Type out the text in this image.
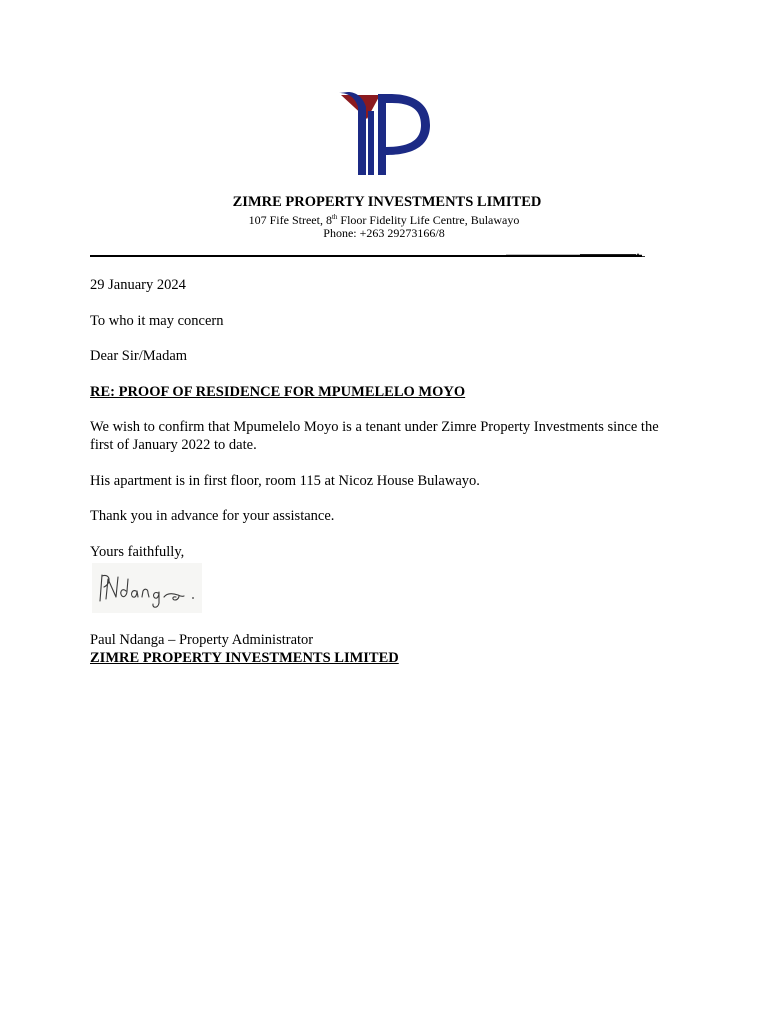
ZIMRE PROPERTY INVESTMENTS LIMITED
107 Fife Street, 8th Floor Fidelity Life Centre, Bulawayo
Phone: +263 29273166/8
29 January 2024
To who it may concern
Dear Sir/Madam
RE: PROOF OF RESIDENCE FOR MPUMELELO MOYO
We wish to confirm that Mpumelelo Moyo is a tenant under Zimre Property Investments since the first of January 2022 to date.
His apartment is in first floor, room 115 at Nicoz House Bulawayo.
Thank you in advance for your assistance.
Yours faithfully,
Paul Ndanga – Property Administrator
ZIMRE PROPERTY INVESTMENTS LIMITED
